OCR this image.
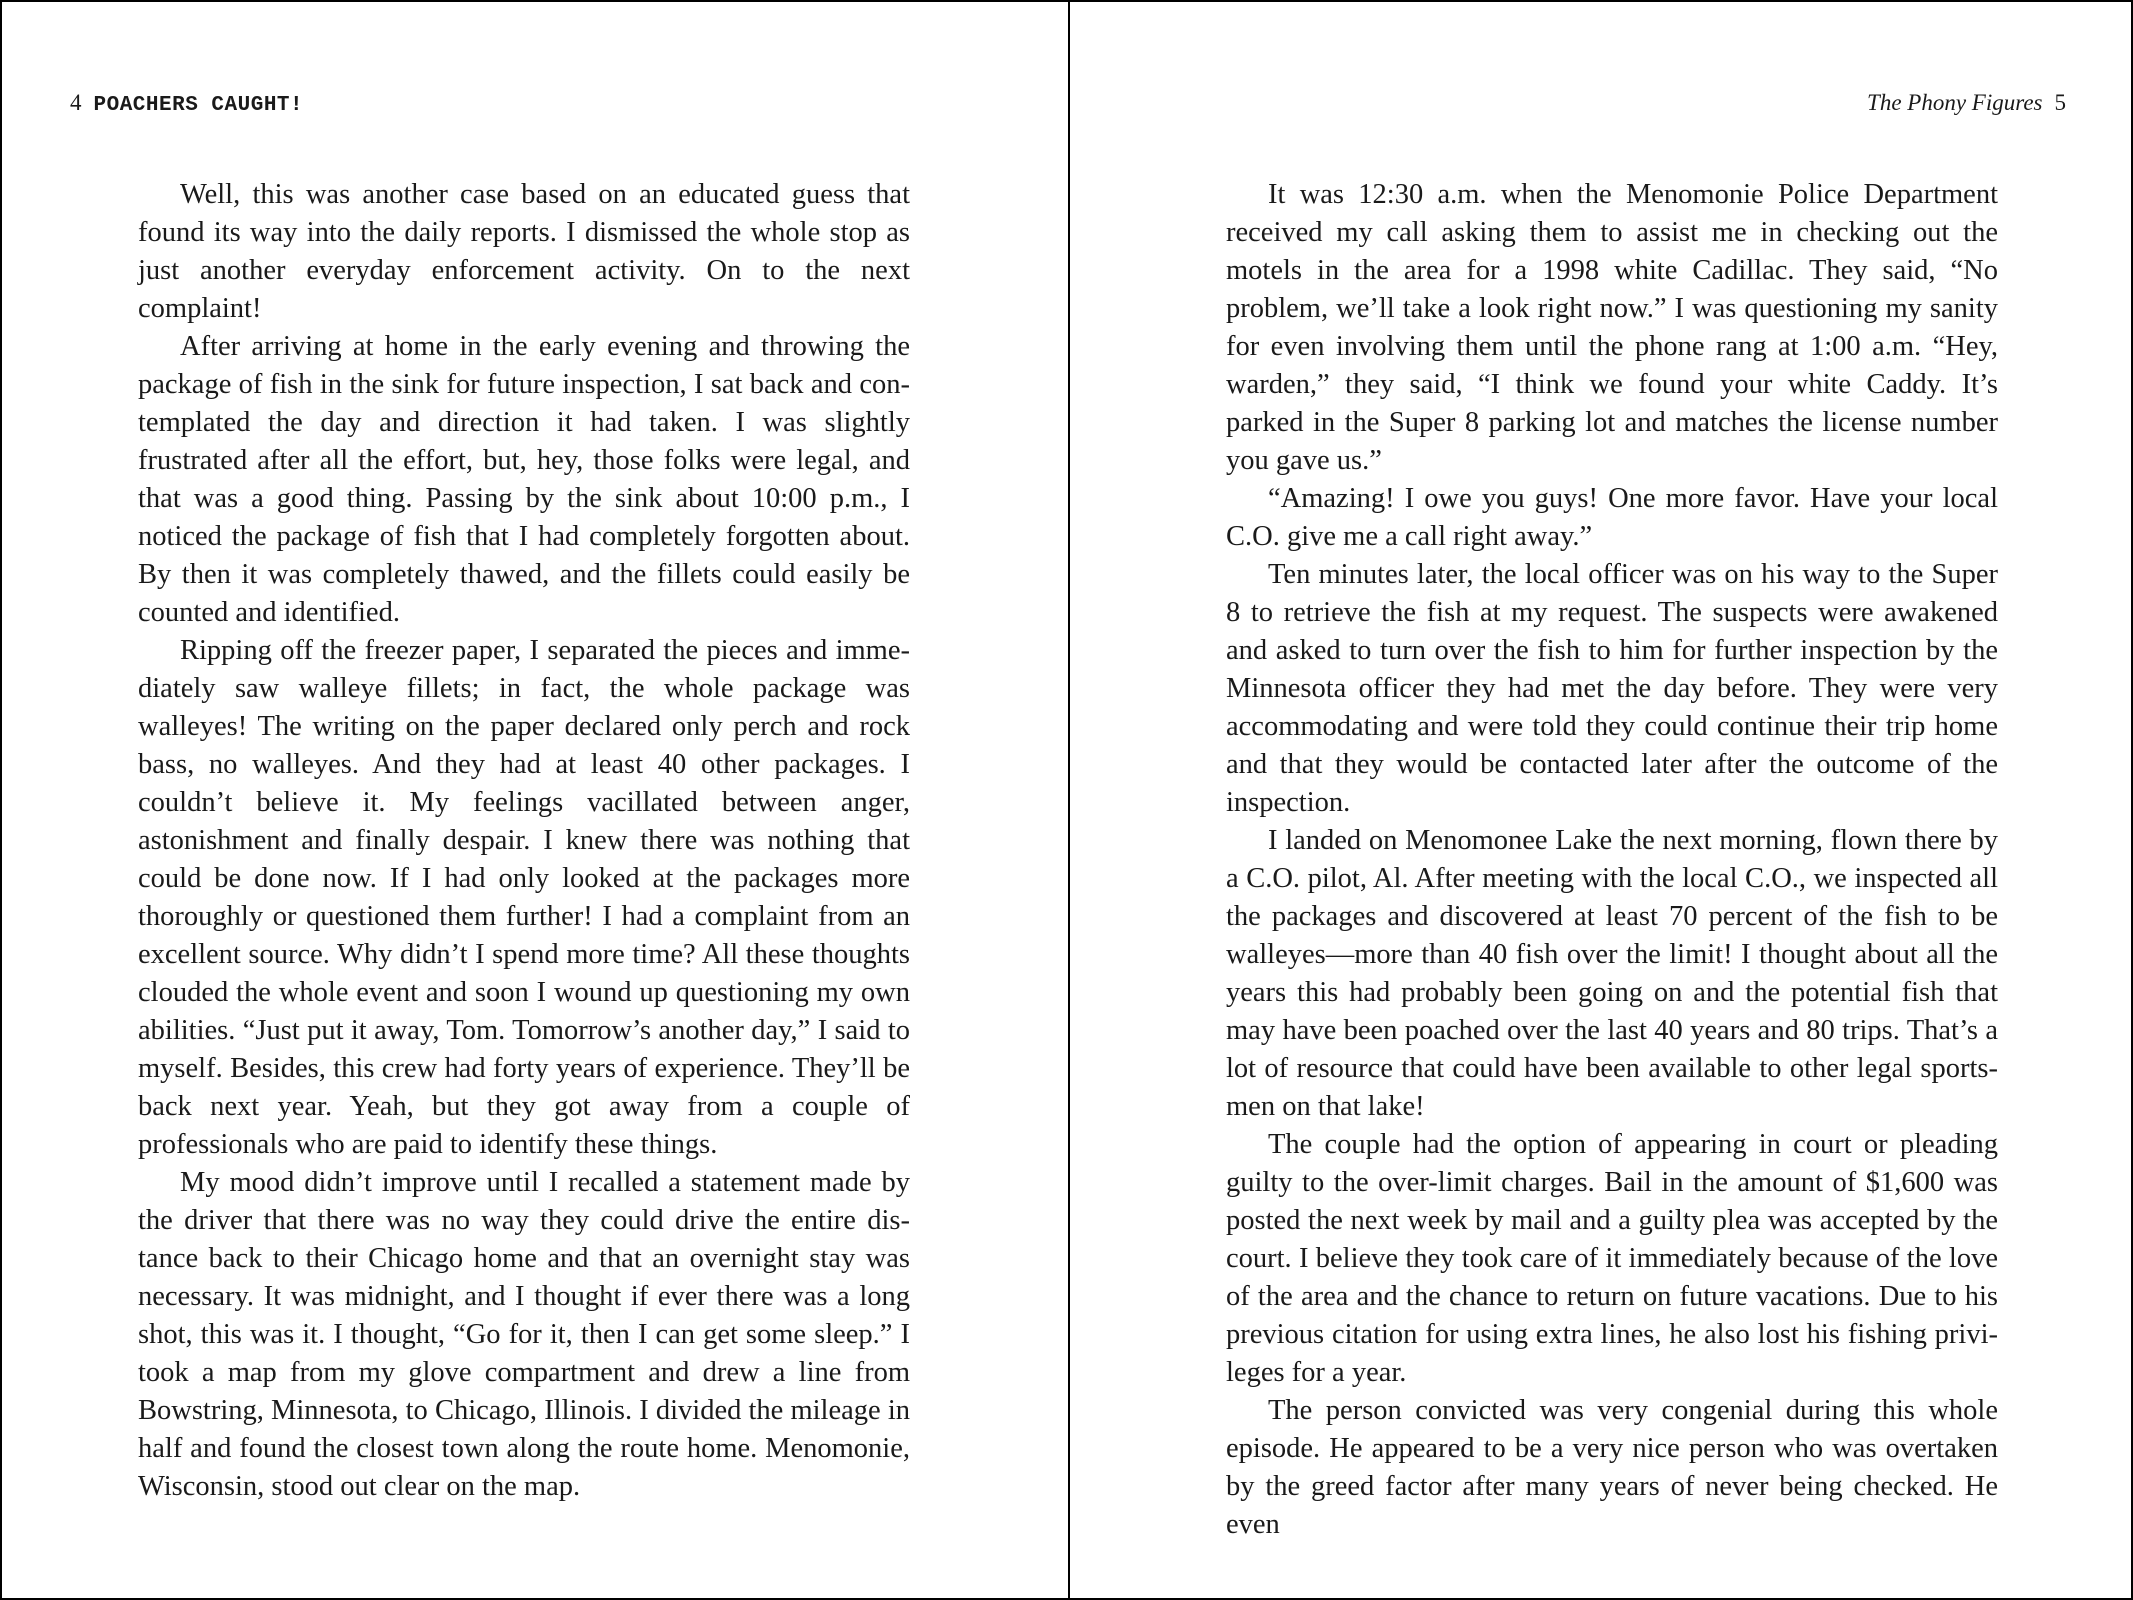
4 POACHERS CAUGHT!

Well, this was another case based on an educated guess that found its way into the daily reports. I dismissed the whole stop as just another everyday enforcement activity. On to the next complaint!

After arriving at home in the early evening and throwing the package of fish in the sink for future inspection, I sat back and contemplated the day and direction it had taken. I was slightly frustrated after all the effort, but, hey, those folks were legal, and that was a good thing. Passing by the sink about 10:00 p.m., I noticed the package of fish that I had completely forgotten about. By then it was completely thawed, and the fillets could easily be counted and identified.

Ripping off the freezer paper, I separated the pieces and immediately saw walleye fillets; in fact, the whole package was walleyes! The writing on the paper declared only perch and rock bass, no walleyes. And they had at least 40 other packages. I couldn’t believe it. My feelings vacillated between anger, astonishment and finally despair. I knew there was nothing that could be done now. If I had only looked at the packages more thoroughly or questioned them further! I had a complaint from an excellent source. Why didn’t I spend more time? All these thoughts clouded the whole event and soon I wound up questioning my own abilities. “Just put it away, Tom. Tomorrow’s another day,” I said to myself. Besides, this crew had forty years of experience. They’ll be back next year. Yeah, but they got away from a couple of professionals who are paid to identify these things.

My mood didn’t improve until I recalled a statement made by the driver that there was no way they could drive the entire distance back to their Chicago home and that an overnight stay was necessary. It was midnight, and I thought if ever there was a long shot, this was it. I thought, “Go for it, then I can get some sleep.” I took a map from my glove compartment and drew a line from Bowstring, Minnesota, to Chicago, Illinois. I divided the mileage in half and found the closest town along the route home. Menomonie, Wisconsin, stood out clear on the map.

The Phony Figures 5

It was 12:30 a.m. when the Menomonie Police Department received my call asking them to assist me in checking out the motels in the area for a 1998 white Cadillac. They said, “No problem, we’ll take a look right now.” I was questioning my sanity for even involving them until the phone rang at 1:00 a.m. “Hey, warden,” they said, “I think we found your white Caddy. It’s parked in the Super 8 parking lot and matches the license number you gave us.”

“Amazing! I owe you guys! One more favor. Have your local C.O. give me a call right away.”

Ten minutes later, the local officer was on his way to the Super 8 to retrieve the fish at my request. The suspects were awakened and asked to turn over the fish to him for further inspection by the Minnesota officer they had met the day before. They were very accommodating and were told they could continue their trip home and that they would be contacted later after the outcome of the inspection.

I landed on Menomonee Lake the next morning, flown there by a C.O. pilot, Al. After meeting with the local C.O., we inspected all the packages and discovered at least 70 percent of the fish to be walleyes—more than 40 fish over the limit! I thought about all the years this had probably been going on and the potential fish that may have been poached over the last 40 years and 80 trips. That’s a lot of resource that could have been available to other legal sportsmen on that lake!

The couple had the option of appearing in court or pleading guilty to the over-limit charges. Bail in the amount of $1,600 was posted the next week by mail and a guilty plea was accepted by the court. I believe they took care of it immediately because of the love of the area and the chance to return on future vacations. Due to his previous citation for using extra lines, he also lost his fishing privileges for a year.

The person convicted was very congenial during this whole episode. He appeared to be a very nice person who was overtaken by the greed factor after many years of never being checked. He even
